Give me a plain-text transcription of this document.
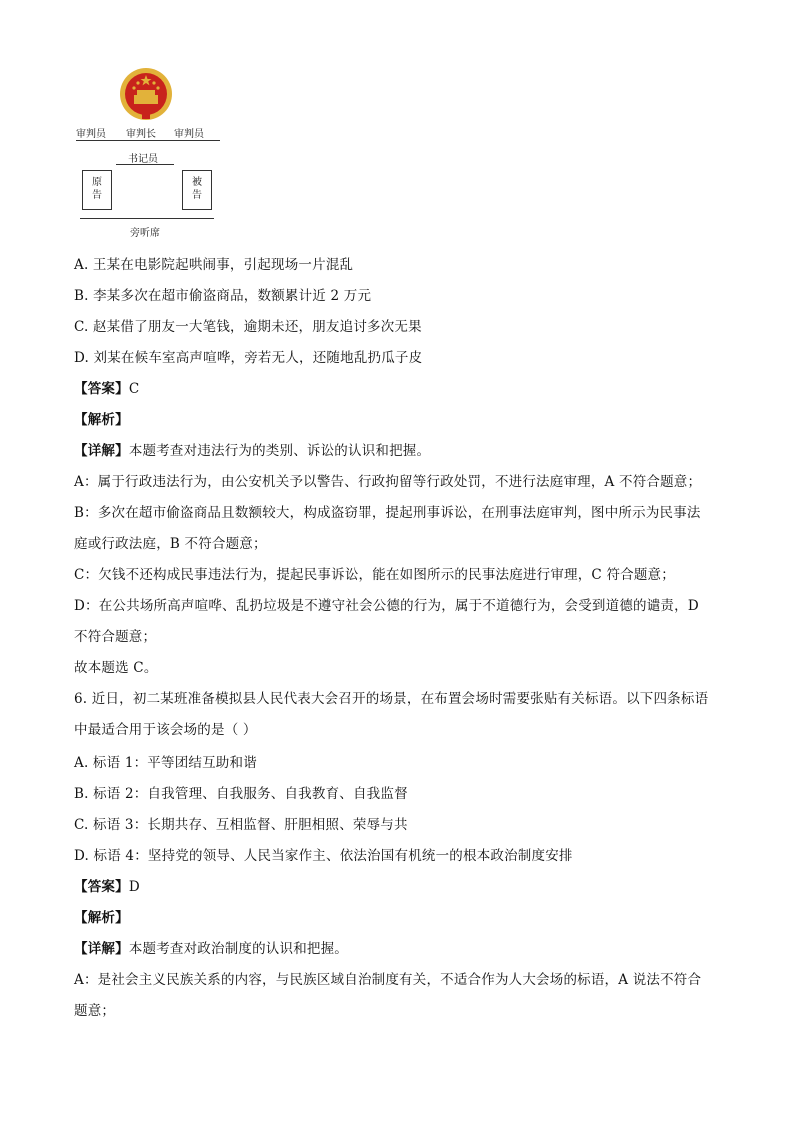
审判员 审判长 审判员
书记员
原
告
被
告
旁听席
A. 王某在电影院起哄闹事，引起现场一片混乱
B. 李某多次在超市偷盗商品，数额累计近 2 万元
C. 赵某借了朋友一大笔钱，逾期未还，朋友追讨多次无果
D. 刘某在候车室高声喧哗，旁若无人，还随地乱扔瓜子皮
【答案】C
【解析】
【详解】本题考查对违法行为的类别、诉讼的认识和把握。
A：属于行政违法行为，由公安机关予以警告、行政拘留等行政处罚，不进行法庭审理，A 不符合题意；
B：多次在超市偷盗商品且数额较大，构成盗窃罪，提起刑事诉讼，在刑事法庭审判，图中所示为民事法
庭或行政法庭，B 不符合题意；
C：欠钱不还构成民事违法行为，提起民事诉讼，能在如图所示的民事法庭进行审理，C 符合题意；
D：在公共场所高声喧哗、乱扔垃圾是不遵守社会公德的行为，属于不道德行为，会受到道德的谴责，D
不符合题意；
故本题选 C。
6. 近日，初二某班准备模拟县人民代表大会召开的场景，在布置会场时需要张贴有关标语。以下四条标语
中最适合用于该会场的是（ ）
A. 标语 1：平等团结互助和谐
B. 标语 2：自我管理、自我服务、自我教育、自我监督
C. 标语 3：长期共存、互相监督、肝胆相照、荣辱与共
D. 标语 4：坚持党的领导、人民当家作主、依法治国有机统一的根本政治制度安排
【答案】D
【解析】
【详解】本题考查对政治制度的认识和把握。
A：是社会主义民族关系的内容，与民族区域自治制度有关，不适合作为人大会场的标语，A 说法不符合
题意；
